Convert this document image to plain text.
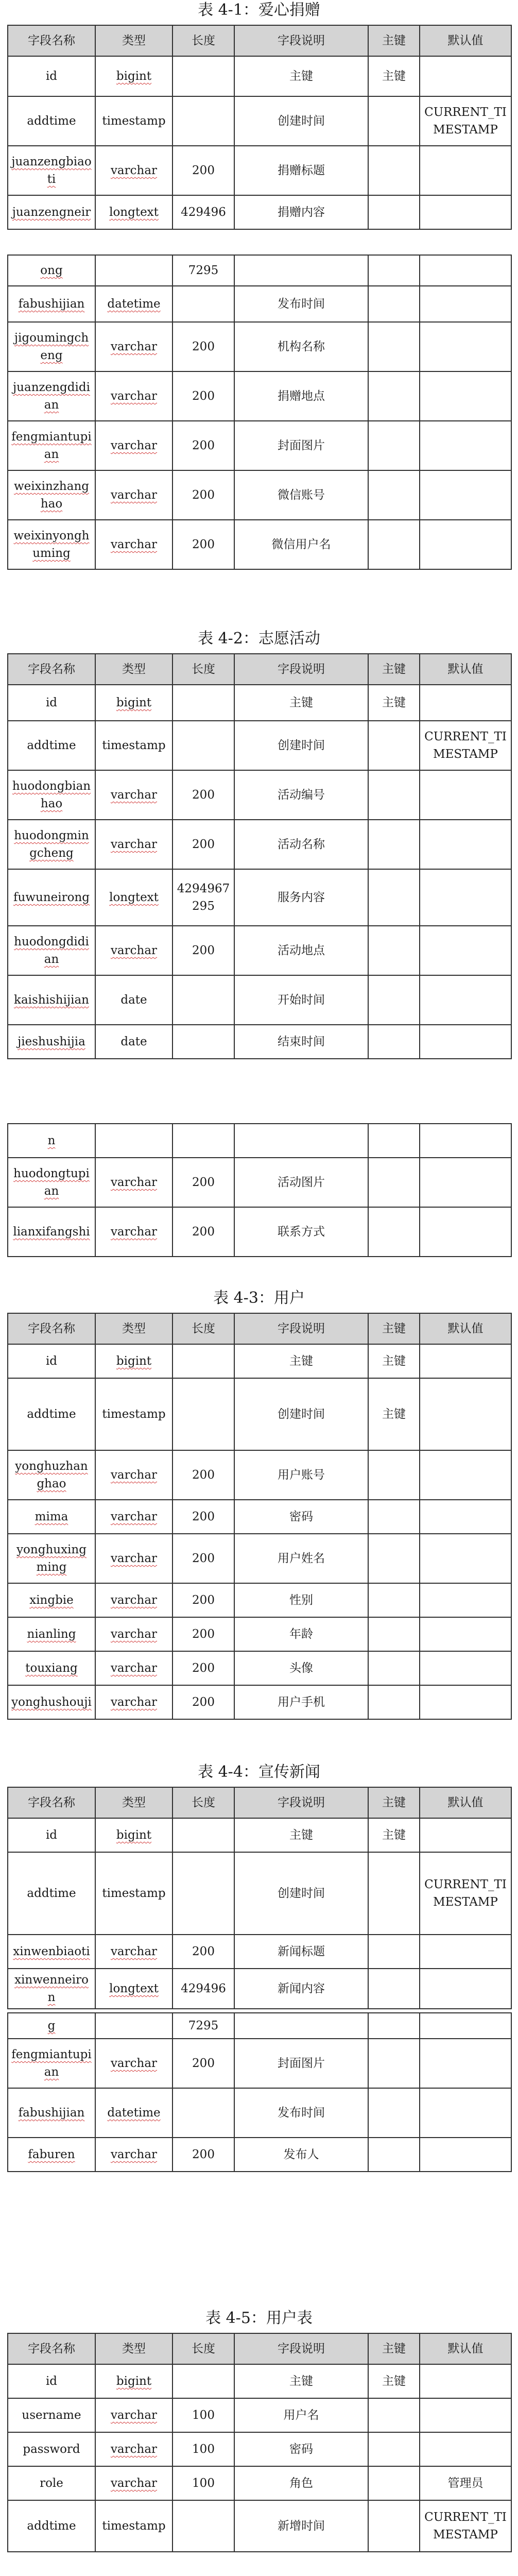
表 4-1：爱心捐赠
表 4-2：志愿活动
表 4-3：用户
表 4-4：宣传新闻
表 4-5：用户表
字段名称	类型	长度	字段说明	主键	默认值
id	bigint		主键	主键	
addtime	timestamp		创建时间		CURRENT_TIMESTAMP
juanzengbiaoti	varchar	200	捐赠标题		
juanzengneir	longtext	429496	捐赠内容		
ong		7295			
fabushijian	datetime		发布时间		
jigoumingcheng	varchar	200	机构名称		
juanzengdidian	varchar	200	捐赠地点		
fengmiantupian	varchar	200	封面图片		
weixinzhanghao	varchar	200	微信账号		
weixinyonghuming	varchar	200	微信用户名		
字段名称	类型	长度	字段说明	主键	默认值
id	bigint		主键	主键	
addtime	timestamp		创建时间		CURRENT_TIMESTAMP
huodongbianhao	varchar	200	活动编号		
huodongmingcheng	varchar	200	活动名称		
fuwuneirong	longtext	4294967295	服务内容		
huodongdidian	varchar	200	活动地点		
kaishishijian	date		开始时间		
jieshushijia	date		结束时间		
n					
huodongtupian	varchar	200	活动图片		
lianxifangshi	varchar	200	联系方式		
字段名称	类型	长度	字段说明	主键	默认值
id	bigint		主键	主键	
addtime	timestamp		创建时间	主键	
yonghuzhanghao	varchar	200	用户账号		
mima	varchar	200	密码		
yonghuxingming	varchar	200	用户姓名		
xingbie	varchar	200	性别		
nianling	varchar	200	年龄		
touxiang	varchar	200	头像		
yonghushouji	varchar	200	用户手机		
字段名称	类型	长度	字段说明	主键	默认值
id	bigint		主键	主键	
addtime	timestamp		创建时间		CURRENT_TIMESTAMP
xinwenbiaoti	varchar	200	新闻标题		
xinwenneiron	longtext	429496	新闻内容		
g		7295			
fengmiantupian	varchar	200	封面图片		
fabushijian	datetime		发布时间		
faburen	varchar	200	发布人		
字段名称	类型	长度	字段说明	主键	默认值
id	bigint		主键	主键	
username	varchar	100	用户名		
password	varchar	100	密码		
role	varchar	100	角色		管理员
addtime	timestamp		新增时间		CURRENT_TIMESTAMP
